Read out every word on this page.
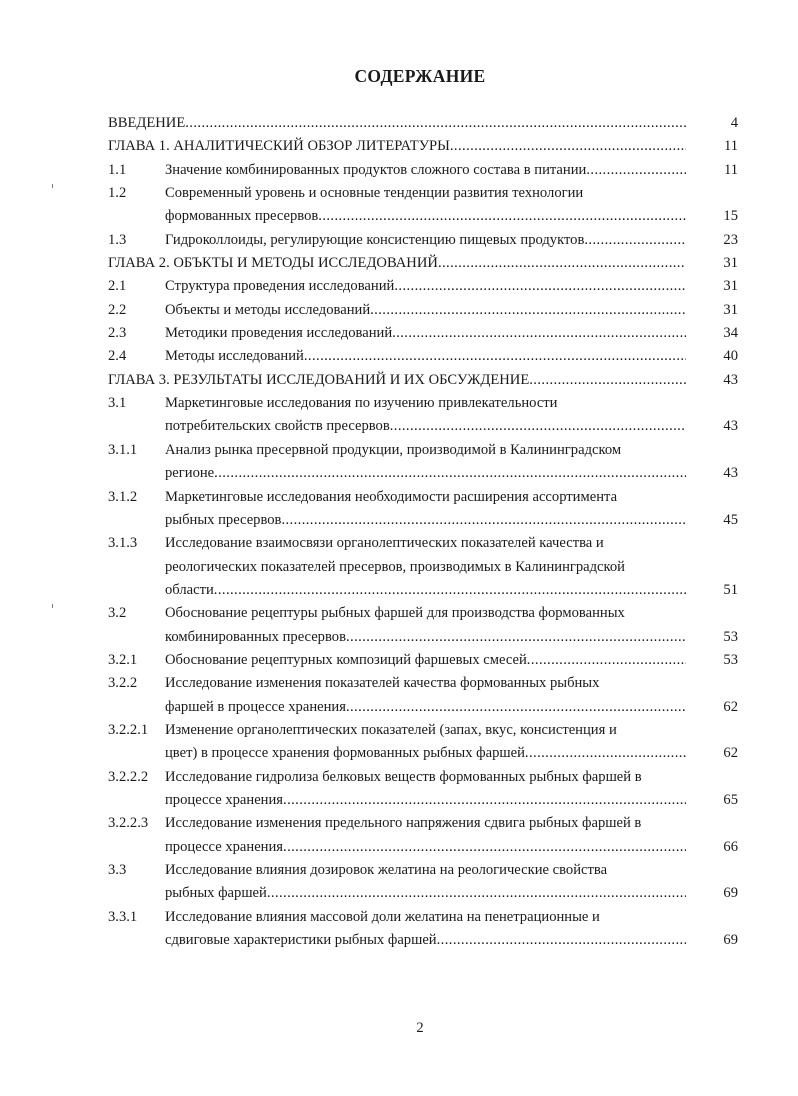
СОДЕРЖАНИЕ
ВВЕДЕНИЕ .....	4
ГЛАВА 1. АНАЛИТИЧЕСКИЙ ОБЗОР ЛИТЕРАТУРЫ .....	11
1.1	Значение комбинированных продуктов сложного состава в питании .....	11
1.2	Современный уровень и основные тенденции развития технологии
формованных пресервов .....	15
1.3	Гидроколлоиды, регулирующие консистенцию пищевых продуктов .....	23
ГЛАВА 2. ОБЪКТЫ И МЕТОДЫ ИССЛЕДОВАНИЙ .....	31
2.1	Структура проведения исследований .....	31
2.2	Объекты и методы исследований .....	31
2.3	Методики проведения исследований .....	34
2.4	Методы исследований .....	40
ГЛАВА 3. РЕЗУЛЬТАТЫ ИССЛЕДОВАНИЙ И ИХ ОБСУЖДЕНИЕ .....	43
3.1	Маркетинговые исследования по изучению привлекательности
потребительских свойств пресервов .....	43
3.1.1	Анализ рынка пресервной продукции, производимой в Калининградском
регионе .....	43
3.1.2	Маркетинговые исследования необходимости расширения ассортимента
рыбных пресервов .....	45
3.1.3	Исследование взаимосвязи органолептических показателей качества и
реологических показателей пресервов, производимых в Калининградской
области .....	51
3.2	Обоснование рецептуры рыбных фаршей для производства формованных
комбинированных пресервов .....	53
3.2.1	Обоснование рецептурных композиций фаршевых смесей .....	53
3.2.2	Исследование изменения показателей качества формованных рыбных
фаршей в процессе хранения .....	62
3.2.2.1	Изменение органолептических показателей (запах, вкус, консистенция и
цвет) в процессе хранения формованных рыбных фаршей .....	62
3.2.2.2	Исследование гидролиза белковых веществ формованных рыбных фаршей в
процессе хранения .....	65
3.2.2.3	Исследование изменения предельного напряжения сдвига рыбных фаршей в
процессе хранения .....	66
3.3	Исследование влияния дозировок желатина на реологические свойства
рыбных фаршей .....	69
3.3.1	Исследование влияния массовой доли желатина на пенетрационные и
сдвиговые характеристики рыбных фаршей .....	69
2
